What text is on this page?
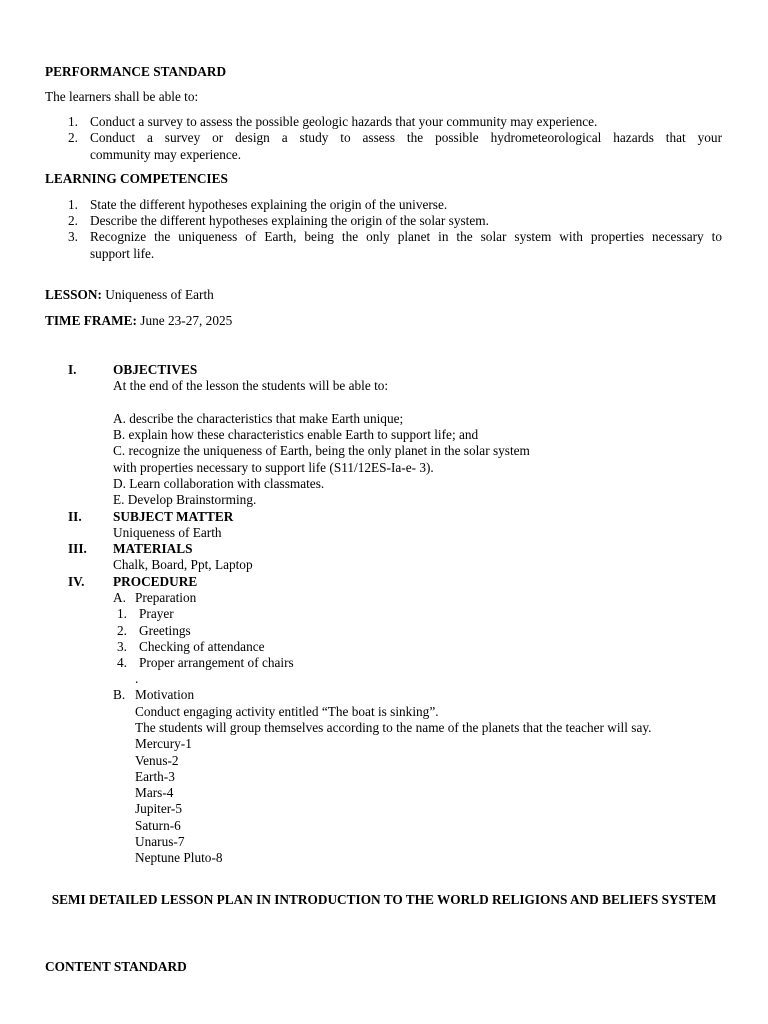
PERFORMANCE STANDARD
The learners shall be able to:
1. Conduct a survey to assess the possible geologic hazards that your community may experience.
2. Conduct a survey or design a study to assess the possible hydrometeorological hazards that your
community may experience.
LEARNING COMPETENCIES
1. State the different hypotheses explaining the origin of the universe.
2. Describe the different hypotheses explaining the origin of the solar system.
3. Recognize the uniqueness of Earth, being the only planet in the solar system with properties necessary to
support life.
LESSON: Uniqueness of Earth
TIME FRAME: June 23-27, 2025
I.	OBJECTIVES
At the end of the lesson the students will be able to:
A. describe the characteristics that make Earth unique;
B. explain how these characteristics enable Earth to support life; and
C. recognize the uniqueness of Earth, being the only planet in the solar system
with properties necessary to support life (S11/12ES-Ia-e- 3).
D. Learn collaboration with classmates.
E. Develop Brainstorming.
II. SUBJECT MATTER
Uniqueness of Earth
III. MATERIALS
Chalk, Board, Ppt, Laptop
IV. PROCEDURE
A. Preparation
1. Prayer
2. Greetings
3. Checking of attendance
4. Proper arrangement of chairs
.
B. Motivation
Conduct engaging activity entitled “The boat is sinking”.
The students will group themselves according to the name of the planets that the teacher will say.
Mercury-1
Venus-2
Earth-3
Mars-4
Jupiter-5
Saturn-6
Unarus-7
Neptune Pluto-8
SEMI DETAILED LESSON PLAN IN INTRODUCTION TO THE WORLD RELIGIONS AND BELIEFS SYSTEM
CONTENT STANDARD
